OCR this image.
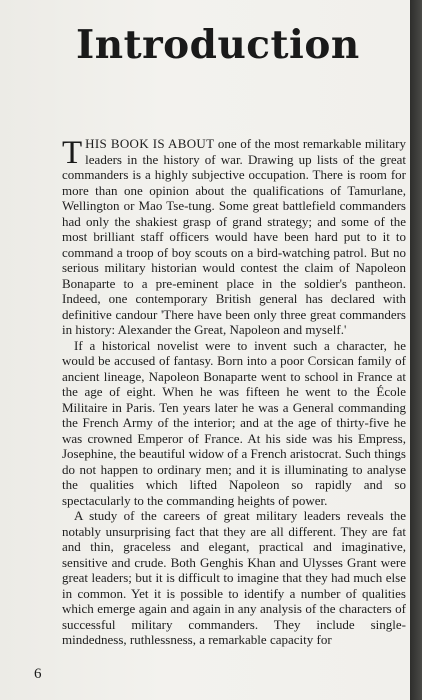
Introduction

THIS BOOK IS ABOUT one of the most remarkable military leaders in the history of war. Drawing up lists of the great commanders is a highly subjective occupation. There is room for more than one opinion about the qualifications of Tamurlane, Wellington or Mao Tse-tung. Some great battlefield commanders had only the shakiest grasp of grand strategy; and some of the most brilliant staff officers would have been hard put to it to command a troop of boy scouts on a bird-watching patrol. But no serious military historian would contest the claim of Napoleon Bonaparte to a pre-eminent place in the soldier's pantheon. Indeed, one contemporary British general has declared with definitive candour 'There have been only three great commanders in history: Alexander the Great, Napoleon and myself.'

If a historical novelist were to invent such a character, he would be accused of fantasy. Born into a poor Corsican family of ancient lineage, Napoleon Bonaparte went to school in France at the age of eight. When he was fifteen he went to the École Militaire in Paris. Ten years later he was a General commanding the French Army of the interior; and at the age of thirty-five he was crowned Emperor of France. At his side was his Empress, Josephine, the beautiful widow of a French aristocrat. Such things do not happen to ordinary men; and it is illuminating to analyse the qualities which lifted Napoleon so rapidly and so spectacularly to the commanding heights of power.

A study of the careers of great military leaders reveals the notably unsurprising fact that they are all different. They are fat and thin, graceless and elegant, practical and imaginative, sensitive and crude. Both Genghis Khan and Ulysses Grant were great leaders; but it is difficult to imagine that they had much else in common. Yet it is possible to identify a number of qualities which emerge again and again in any analysis of the characters of successful military commanders. They include single-mindedness, ruthlessness, a remarkable capacity for

6
